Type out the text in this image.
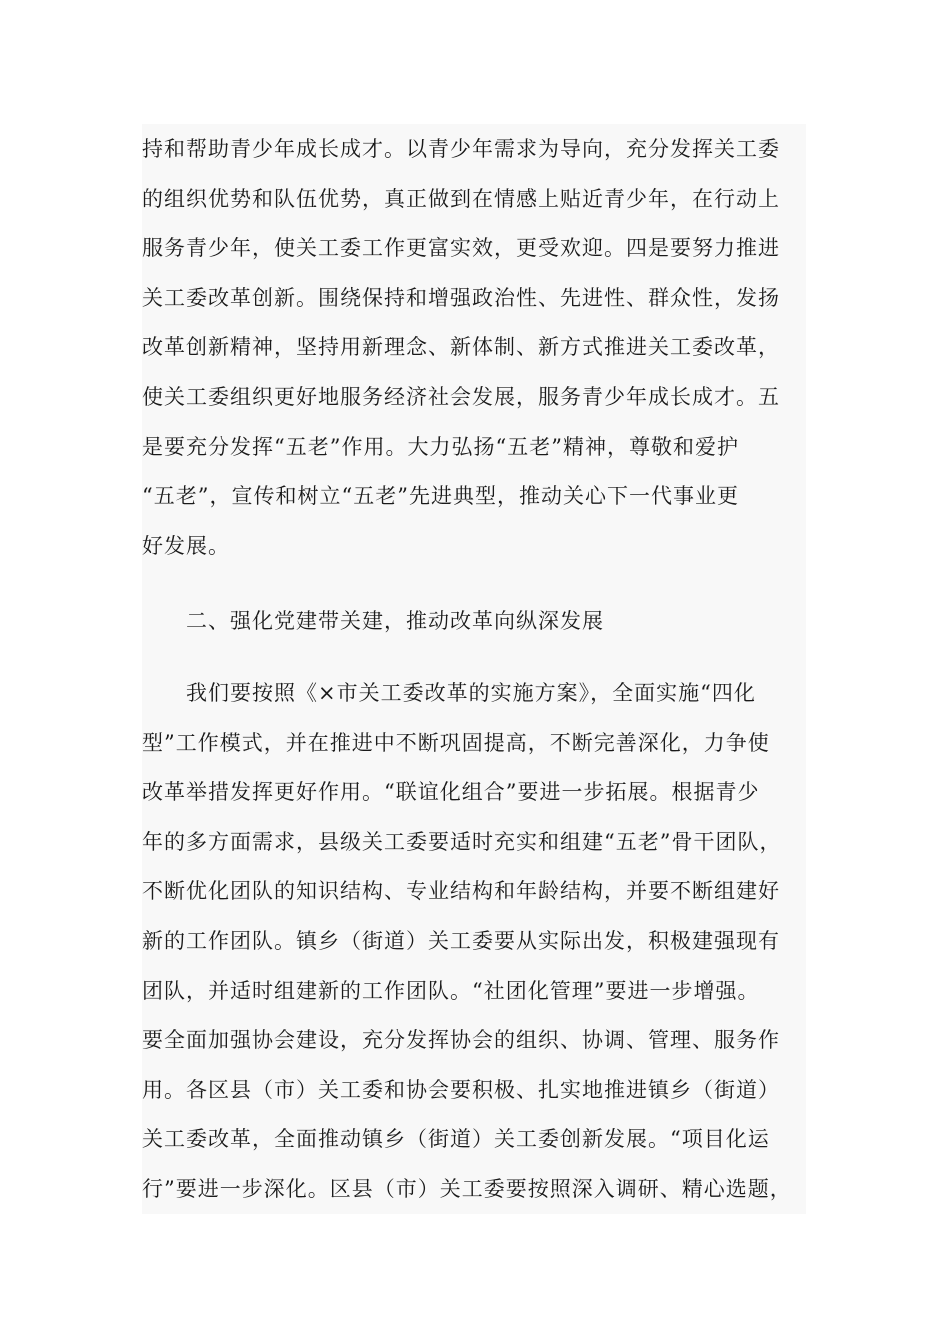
持和帮助青少年成长成才。以青少年需求为导向，充分发挥关工委
的组织优势和队伍优势，真正做到在情感上贴近青少年，在行动上
服务青少年，使关工委工作更富实效，更受欢迎。四是要努力推进
关工委改革创新。围绕保持和增强政治性、先进性、群众性，发扬
改革创新精神，坚持用新理念、新体制、新方式推进关工委改革，
使关工委组织更好地服务经济社会发展，服务青少年成长成才。五
是要充分发挥“五老”作用。大力弘扬“五老”精神，尊敬和爱护
“五老”，宣传和树立“五老”先进典型，推动关心下一代事业更
好发展。
　　二、强化党建带关建，推动改革向纵深发展
　　我们要按照《×市关工委改革的实施方案》，全面实施“四化
型”工作模式，并在推进中不断巩固提高，不断完善深化，力争使
改革举措发挥更好作用。“联谊化组合”要进一步拓展。根据青少
年的多方面需求，县级关工委要适时充实和组建“五老”骨干团队，
不断优化团队的知识结构、专业结构和年龄结构，并要不断组建好
新的工作团队。镇乡（街道）关工委要从实际出发，积极建强现有
团队，并适时组建新的工作团队。“社团化管理”要进一步增强。
要全面加强协会建设，充分发挥协会的组织、协调、管理、服务作
用。各区县（市）关工委和协会要积极、扎实地推进镇乡（街道）
关工委改革，全面推动镇乡（街道）关工委创新发展。“项目化运
行”要进一步深化。区县（市）关工委要按照深入调研、精心选题，
